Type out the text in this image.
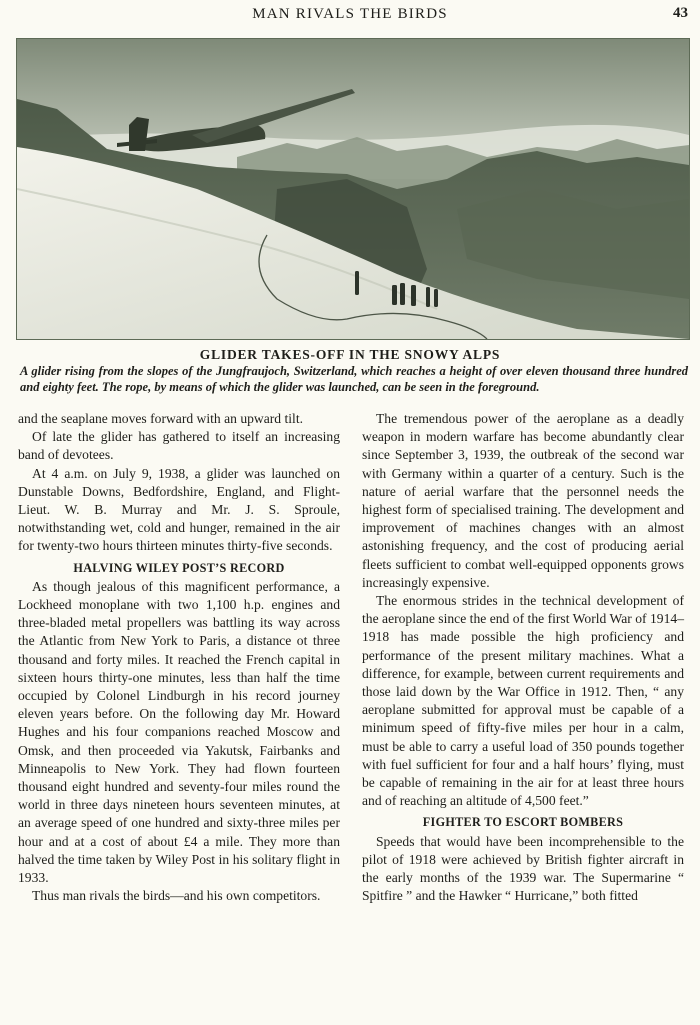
MAN RIVALS THE BIRDS	43
GLIDER TAKES-OFF IN THE SNOWY ALPS
A glider rising from the slopes of the Jungfraujoch, Switzerland, which reaches a height of over eleven thousand three hundred and eighty feet. The rope, by means of which the glider was launched, can be seen in the foreground.

and the seaplane moves forward with an upward tilt.

Of late the glider has gathered to itself an increasing band of devotees.

At 4 a.m. on July 9, 1938, a glider was launched on Dunstable Downs, Bedfordshire, England, and Flight-Lieut. W. B. Murray and Mr. J. S. Sproule, notwithstanding wet, cold and hunger, remained in the air for twenty-two hours thirteen minutes thirty-five seconds.

HALVING WILEY POST’S RECORD

As though jealous of this magnificent performance, a Lockheed monoplane with two 1,100 h.p. engines and three-bladed metal propellers was battling its way across the Atlantic from New York to Paris, a distance ot three thousand and forty miles. It reached the French capital in sixteen hours thirty-one minutes, less than half the time occupied by Colonel Lindburgh in his record journey eleven years before. On the following day Mr. Howard Hughes and his four companions reached Moscow and Omsk, and then proceeded via Yakutsk, Fairbanks and Minneapolis to New York. They had flown fourteen thousand eight hundred and seventy-four miles round the world in three days nineteen hours seventeen minutes, at an average speed of one hundred and sixty-three miles per hour and at a cost of about £4 a mile. They more than halved the time taken by Wiley Post in his solitary flight in 1933.

Thus man rivals the birds—and his own competitors.

The tremendous power of the aeroplane as a deadly weapon in modern warfare has become abundantly clear since September 3, 1939, the outbreak of the second war with Germany within a quarter of a century. Such is the nature of aerial warfare that the personnel needs the highest form of specialised training. The development and improvement of machines changes with an almost astonishing frequency, and the cost of producing aerial fleets sufficient to combat well-equipped opponents grows increasingly expensive.

The enormous strides in the technical development of the aeroplane since the end of the first World War of 1914–1918 has made possible the high proficiency and performance of the present military machines. What a difference, for example, between current requirements and those laid down by the War Office in 1912. Then, “ any aeroplane submitted for approval must be capable of a minimum speed of fifty-five miles per hour in a calm, must be able to carry a useful load of 350 pounds together with fuel sufficient for four and a half hours’ flying, must be capable of remaining in the air for at least three hours and of reaching an altitude of 4,500 feet.”

FIGHTER TO ESCORT BOMBERS

Speeds that would have been incomprehensible to the pilot of 1918 were achieved by British fighter aircraft in the early months of the 1939 war. The Supermarine “ Spitfire ” and the Hawker “ Hurricane,” both fitted
